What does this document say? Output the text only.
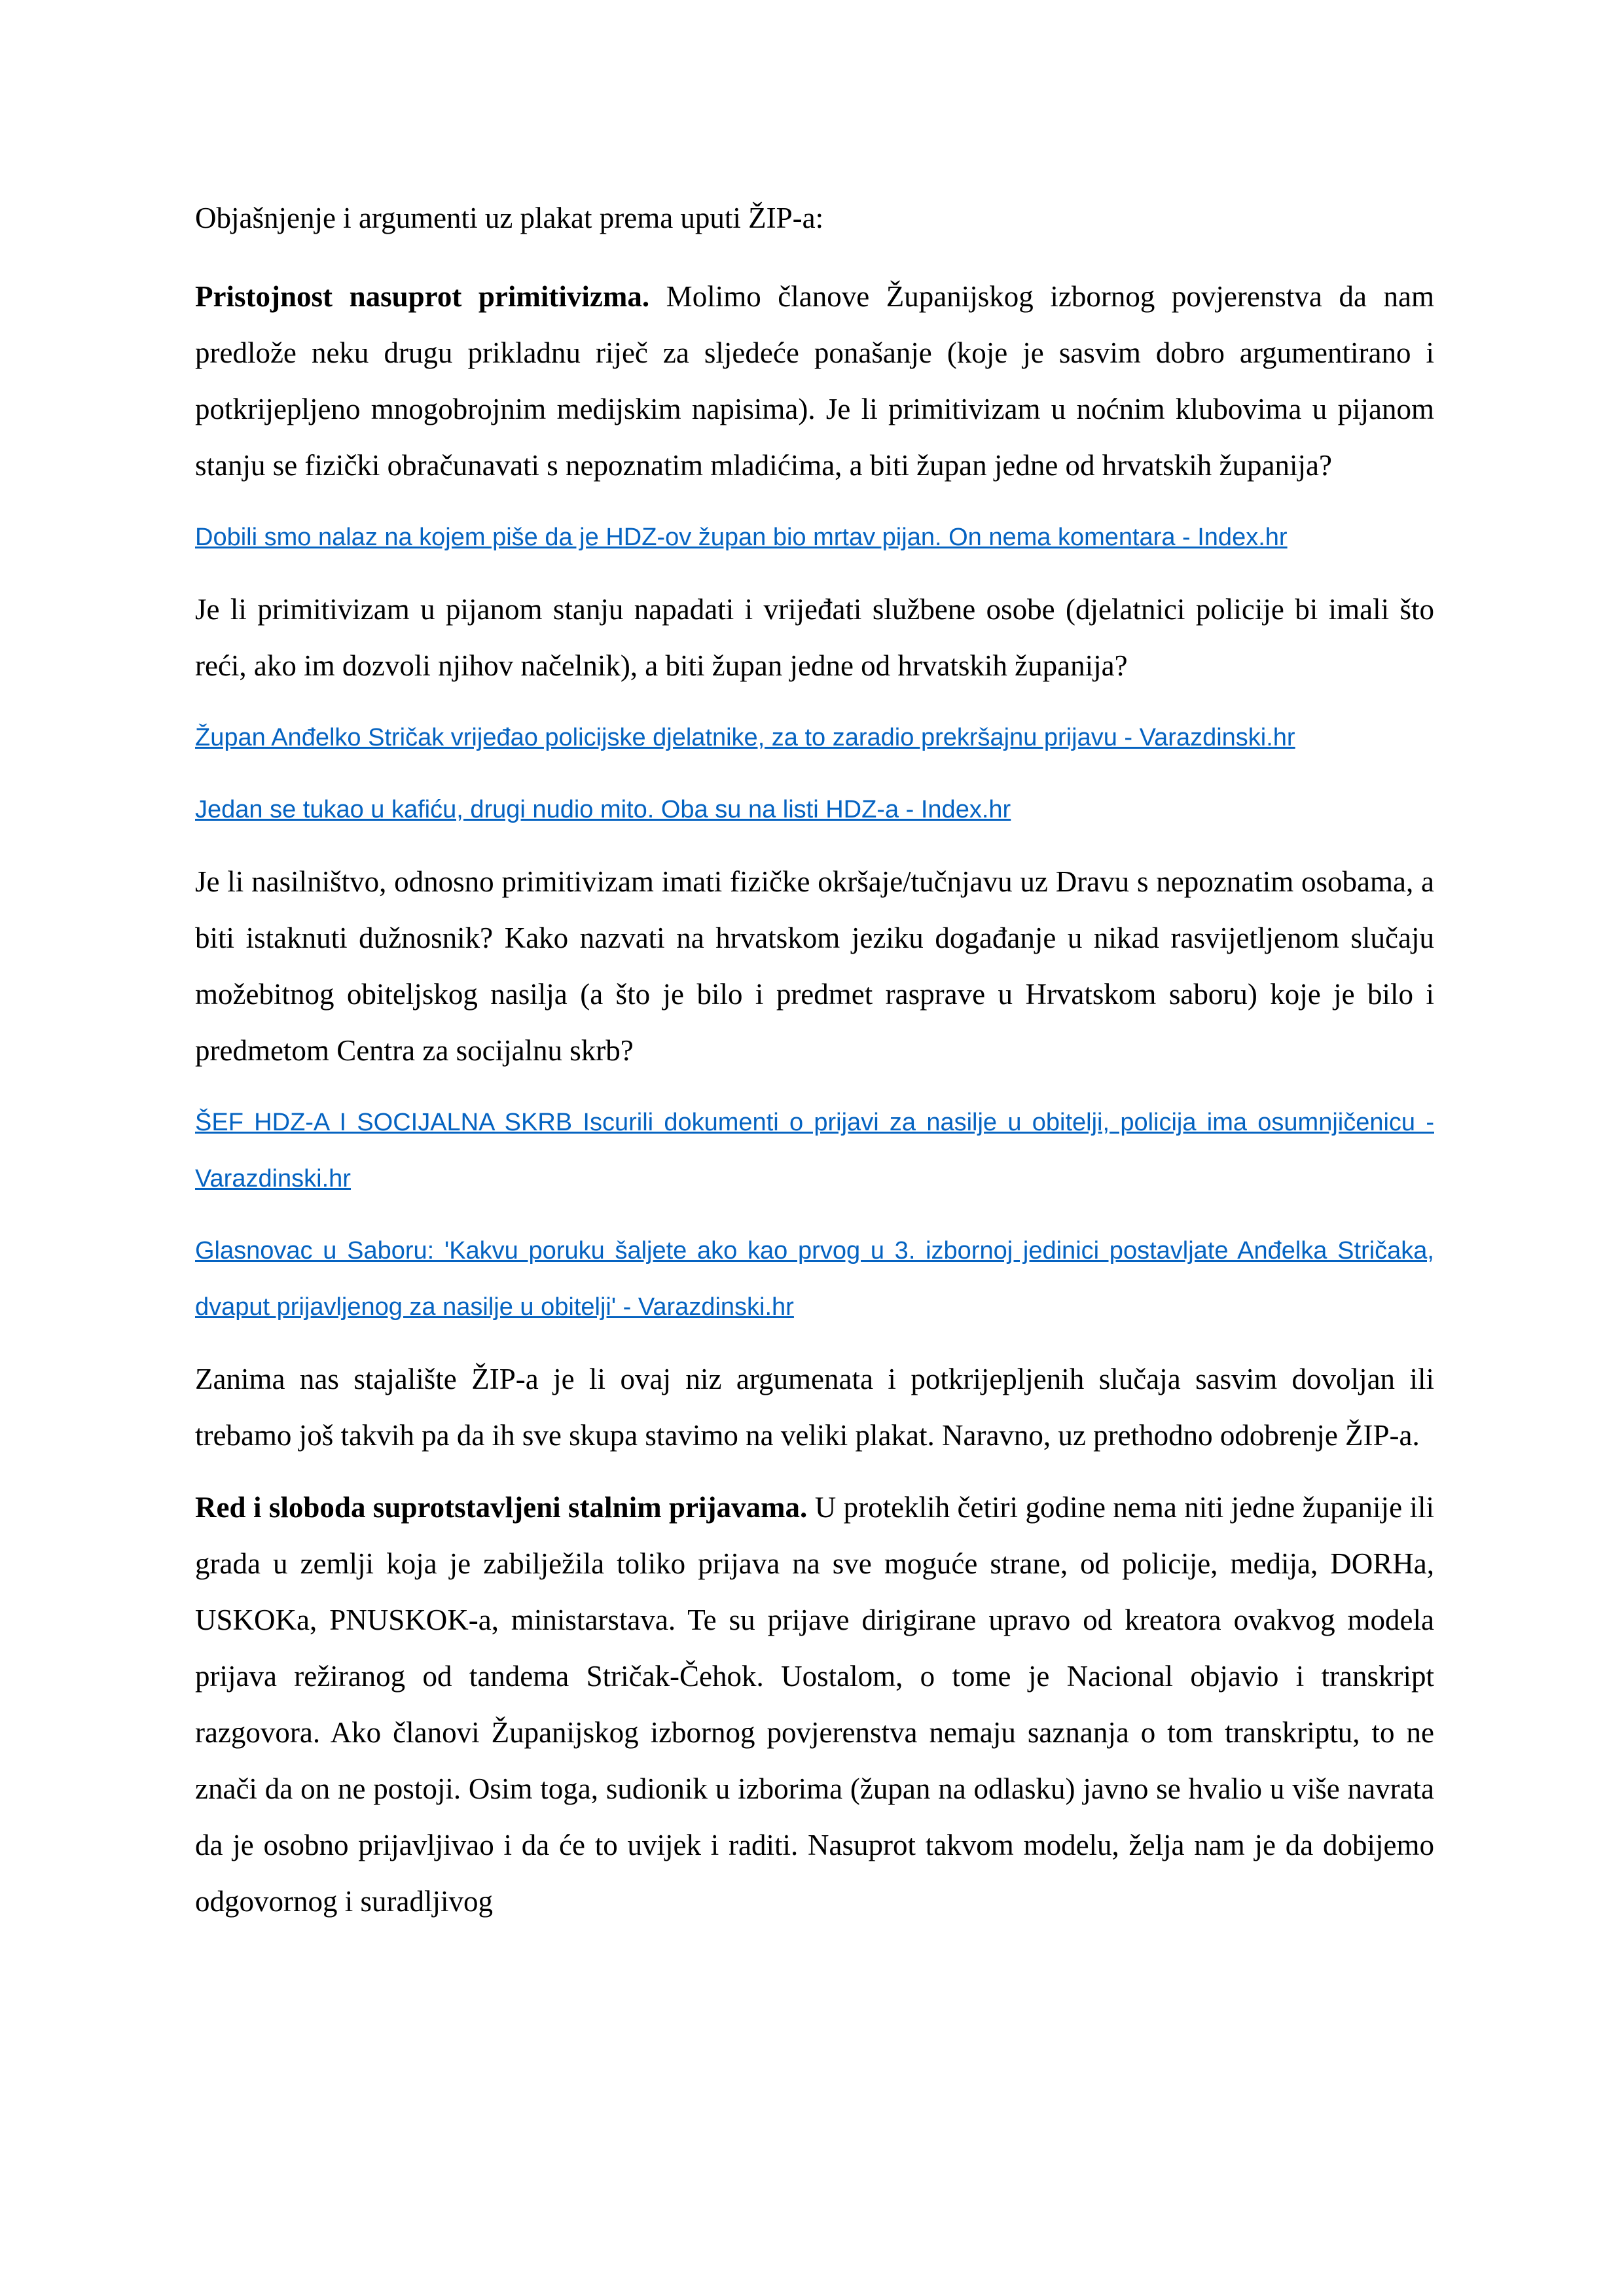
Objašnjenje i argumenti uz plakat prema uputi ŽIP-a:

Pristojnost nasuprot primitivizma. Molimo članove Županijskog izbornog povjerenstva da nam predlože neku drugu prikladnu riječ za sljedeće ponašanje (koje je sasvim dobro argumentirano i potkrijepljeno mnogobrojnim medijskim napisima). Je li primitivizam u noćnim klubovima u pijanom stanju se fizički obračunavati s nepoznatim mladićima, a biti župan jedne od hrvatskih županija?

Dobili smo nalaz na kojem piše da je HDZ-ov župan bio mrtav pijan. On nema komentara - Index.hr

Je li primitivizam u pijanom stanju napadati i vrijeđati službene osobe (djelatnici policije bi imali što reći, ako im dozvoli njihov načelnik), a biti župan jedne od hrvatskih županija?

Župan Anđelko Stričak vrijeđao policijske djelatnike, za to zaradio prekršajnu prijavu - Varazdinski.hr

Jedan se tukao u kafiću, drugi nudio mito. Oba su na listi HDZ-a - Index.hr

Je li nasilništvo, odnosno primitivizam imati fizičke okršaje/tučnjavu uz Dravu s nepoznatim osobama, a biti istaknuti dužnosnik? Kako nazvati na hrvatskom jeziku događanje u nikad rasvijetljenom slučaju možebitnog obiteljskog nasilja (a što je bilo i predmet rasprave u Hrvatskom saboru) koje je bilo i predmetom Centra za socijalnu skrb?

ŠEF HDZ-A I SOCIJALNA SKRB Iscurili dokumenti o prijavi za nasilje u obitelji, policija ima osumnjičenicu - Varazdinski.hr

Glasnovac u Saboru: 'Kakvu poruku šaljete ako kao prvog u 3. izbornoj jedinici postavljate Anđelka Stričaka, dvaput prijavljenog za nasilje u obitelji' - Varazdinski.hr

Zanima nas stajalište ŽIP-a je li ovaj niz argumenata i potkrijepljenih slučaja sasvim dovoljan ili trebamo još takvih pa da ih sve skupa stavimo na veliki plakat. Naravno, uz prethodno odobrenje ŽIP-a.

Red i sloboda suprotstavljeni stalnim prijavama. U proteklih četiri godine nema niti jedne županije ili grada u zemlji koja je zabilježila toliko prijava na sve moguće strane, od policije, medija, DORHa, USKOKa, PNUSKOK-a, ministarstava. Te su prijave dirigirane upravo od kreatora ovakvog modela prijava režiranog od tandema Stričak-Čehok. Uostalom, o tome je Nacional objavio i transkript razgovora. Ako članovi Županijskog izbornog povjerenstva nemaju saznanja o tom transkriptu, to ne znači da on ne postoji. Osim toga, sudionik u izborima (župan na odlasku) javno se hvalio u više navrata da je osobno prijavljivao i da će to uvijek i raditi. Nasuprot takvom modelu, želja nam je da dobijemo odgovornog i suradljivog
